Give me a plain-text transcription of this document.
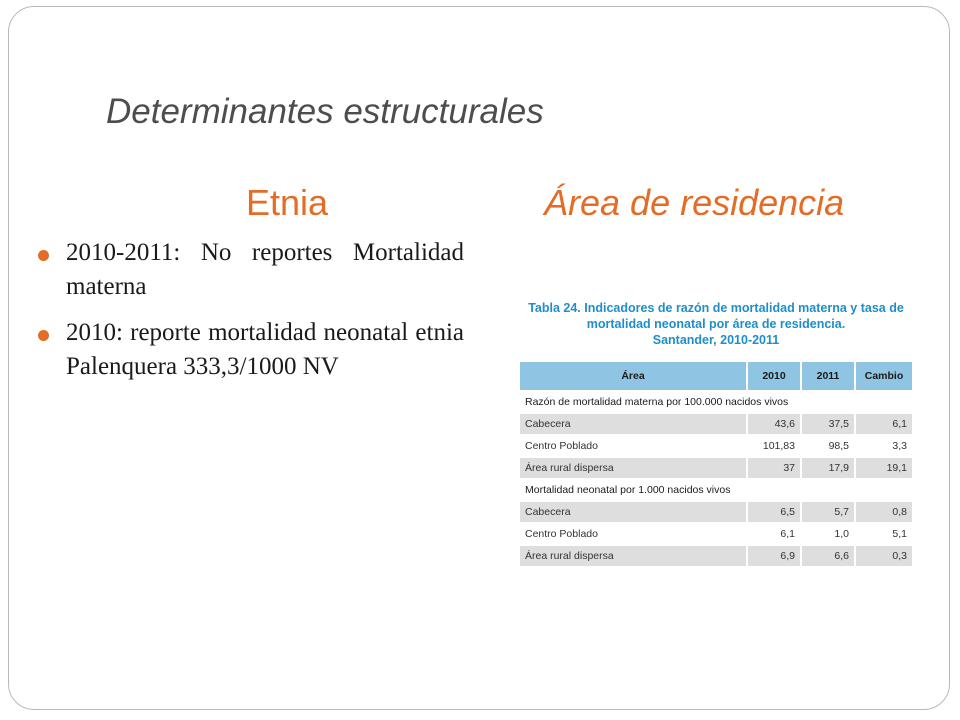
Determinantes estructurales
Etnia	Área de residencia
2010-2011: No reportes Mortalidad materna
2010: reporte mortalidad neonatal etnia Palenquera 333,3/1000 NV
Tabla 24. Indicadores de razón de mortalidad materna y tasa de
mortalidad neonatal por área de residencia.
Santander, 2010-2011
Área	2010	2011	Cambio
Razón de mortalidad materna por 100.000 nacidos vivos			
Cabecera	43,6	37,5	6,1
Centro Poblado	101,83	98,5	3,3
Área rural dispersa	37	17,9	19,1
Mortalidad neonatal por 1.000 nacidos vivos			
Cabecera	6,5	5,7	0,8
Centro Poblado	6,1	1,0	5,1
Área rural dispersa	6,9	6,6	0,3
